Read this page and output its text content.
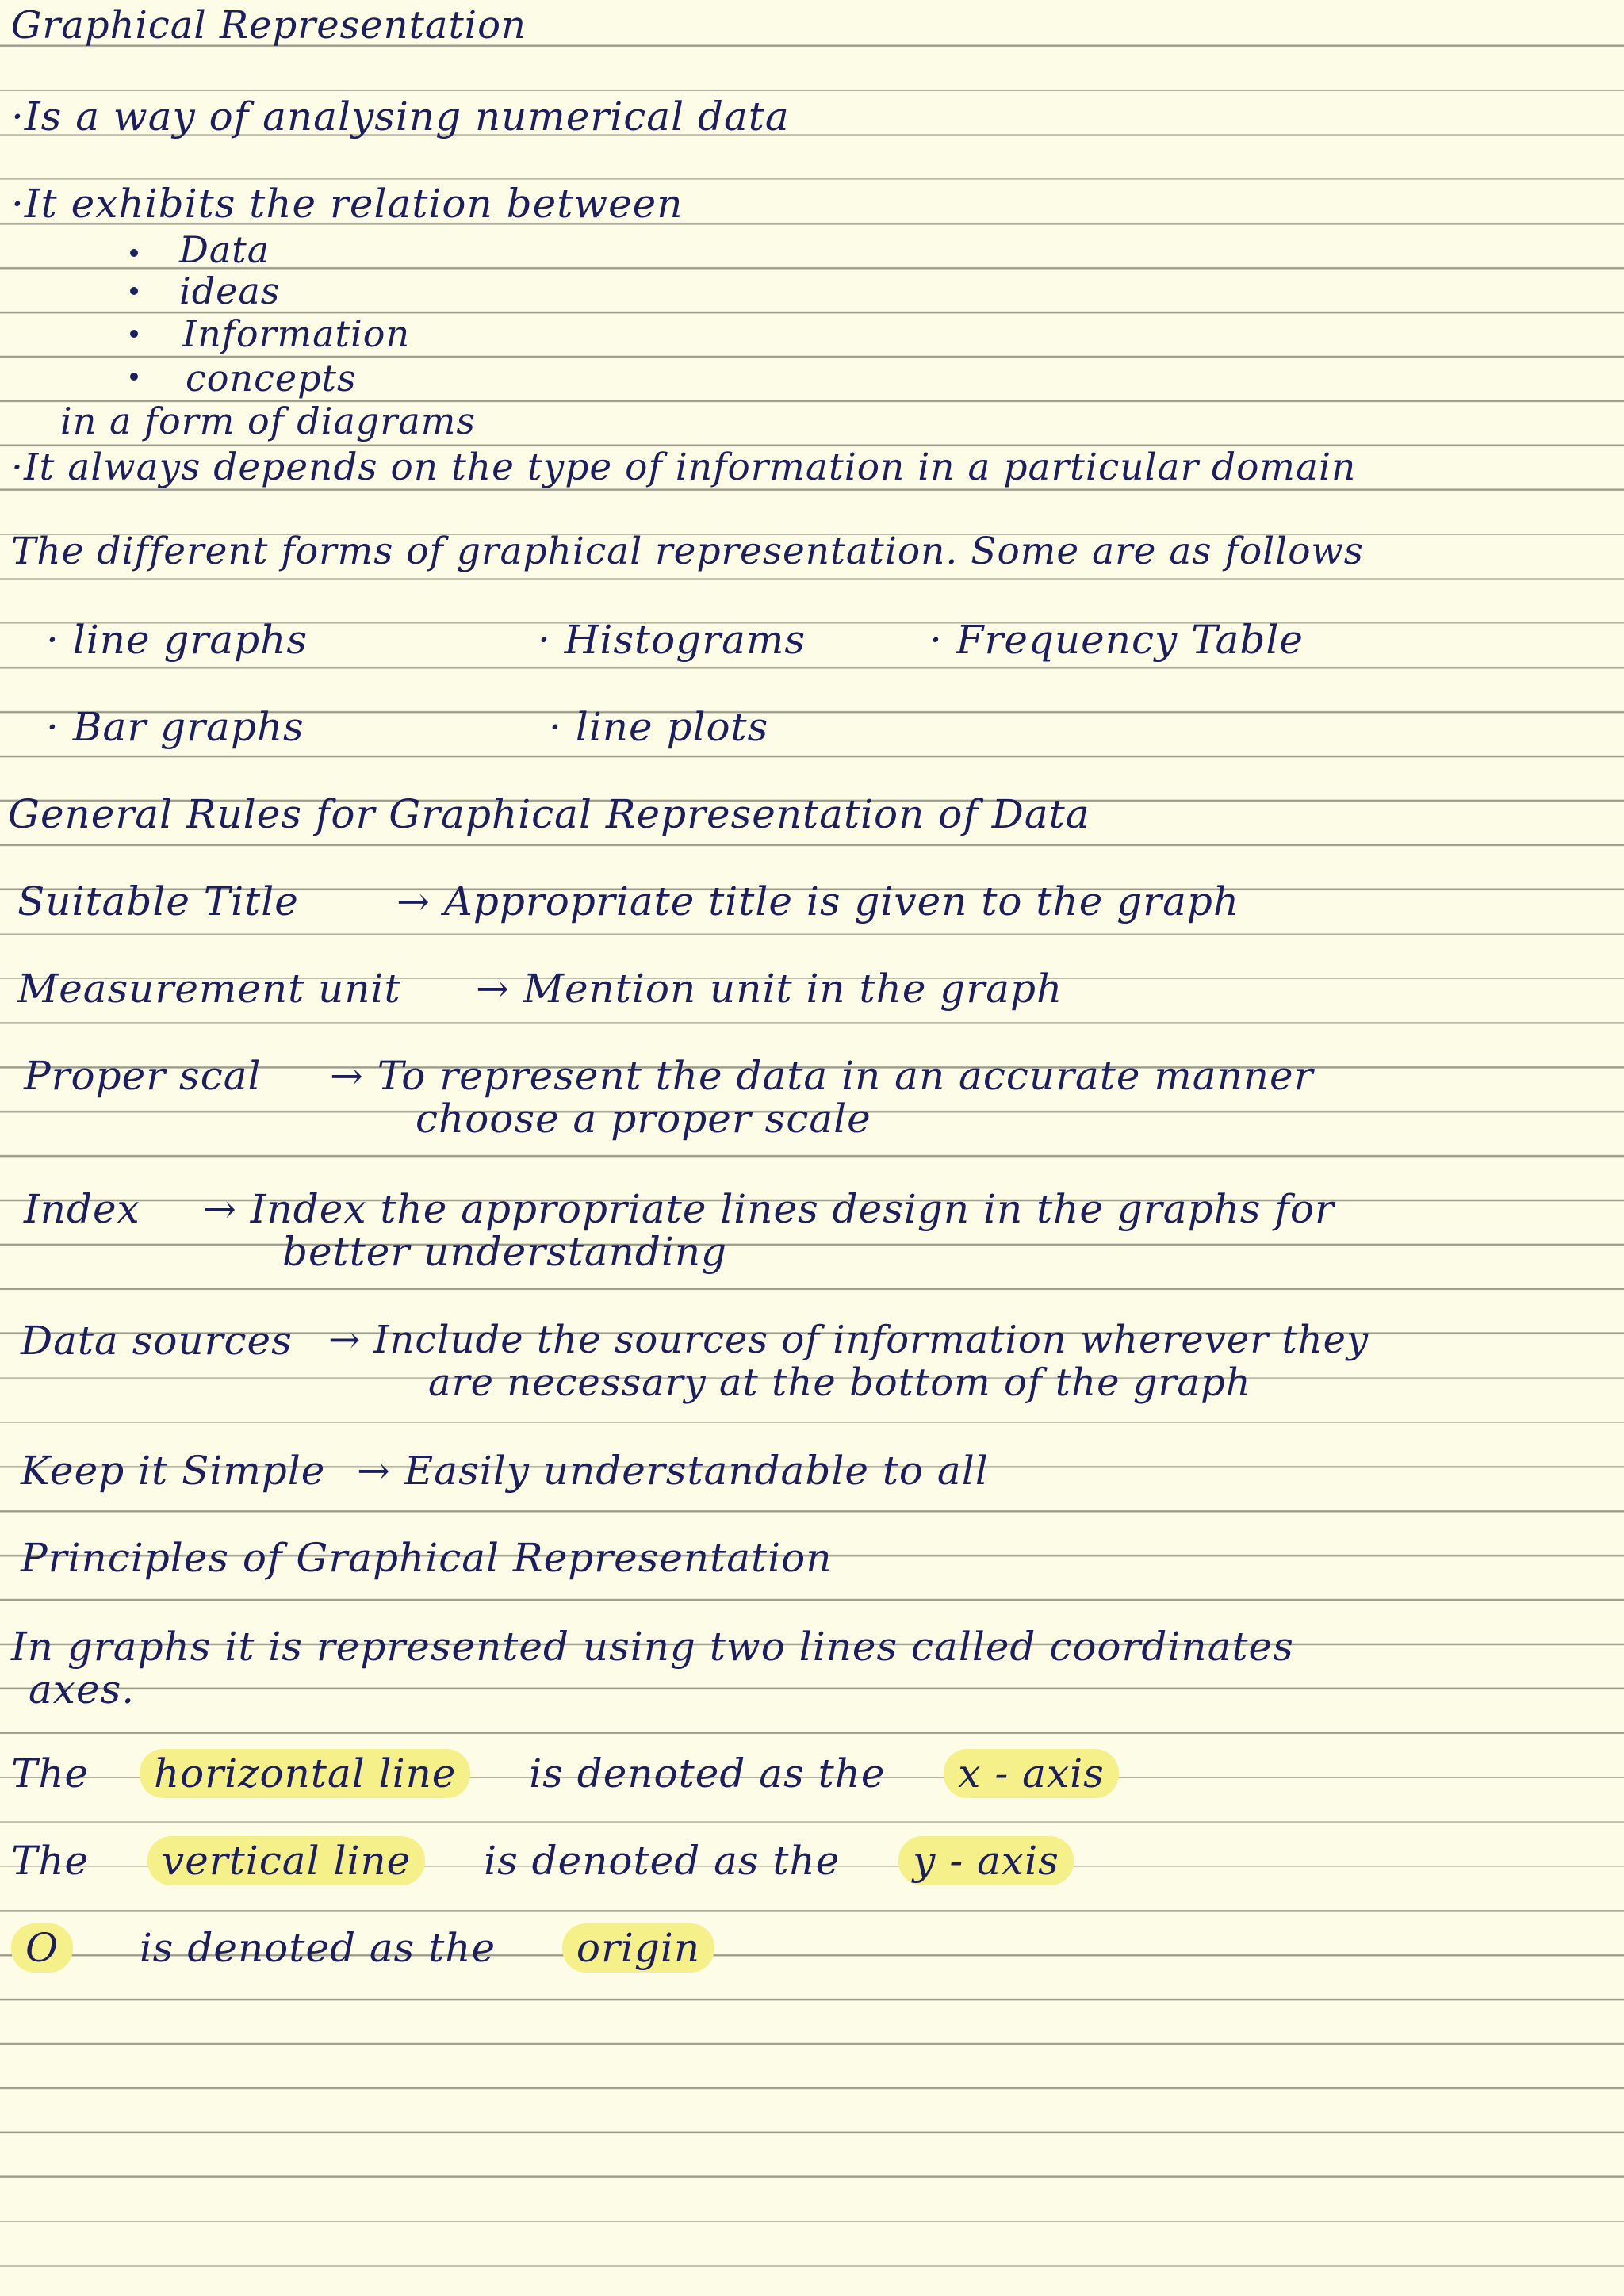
Graphical Representation
·Is a way of analysing numerical data
·It exhibits the relation between
Data
ideas
Information
concepts
in a form of diagrams
·It always depends on the type of information in a particular domain
The different forms of graphical representation. Some are as follows
· line graphs	· Histograms	· Frequency Table
· Bar graphs	· line plots
General Rules for Graphical Representation of Data
Suitable Title → Appropriate title is given to the graph
Measurement unit → Mention unit in the graph
Proper scal → To represent the data in an accurate manner
choose a proper scale
Index → Index the appropriate lines design in the graphs for
better understanding
Data sources → Include the sources of information wherever they
are necessary at the bottom of the graph
Keep it Simple → Easily understandable to all
Principles of Graphical Representation
In graphs it is represented using two lines called coordinates
axes.
The horizontal line is denoted as the x - axis
The vertical line is denoted as the y - axis
O is denoted as the origin
